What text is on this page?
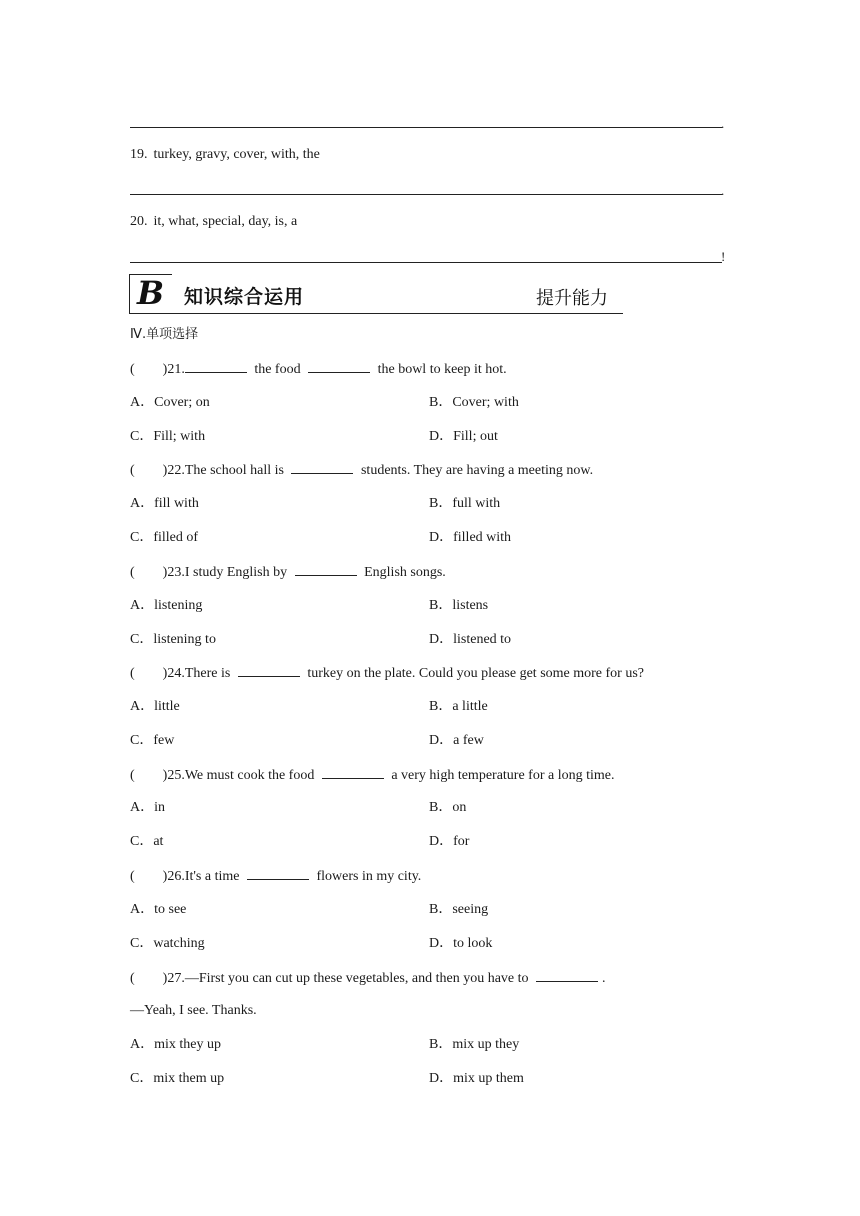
.
19. turkey, gravy, cover, with, the
.
20. it, what, special, day, is, a
!
B 知识综合运用	提升能力
Ⅳ.单项选择
(　　)21.	the food	the bowl to keep it hot.
A．Cover; on	B．Cover; with
C．Fill; with	D．Fill; out
(　　)22.The school hall is	students. They are having a meeting now.
A．fill with	B．full with
C．filled of	D．filled with
(　　)23.I study English by	English songs.
A．listening	B．listens
C．listening to	D．listened to
(　　)24.There is	turkey on the plate. Could you please get some more for us?
A．little	B．a little
C．few	D．a few
(　　)25.We must cook the food	a very high temperature for a long time.
A．in	B．on
C．at	D．for
(　　)26.It's a time	flowers in my city.
A．to see	B．seeing
C．watching	D．to look
(　　)27.—First you can cut up these vegetables, and then you have to	.
—Yeah, I see. Thanks.
A．mix they up	B．mix up they
C．mix them up	D．mix up them
